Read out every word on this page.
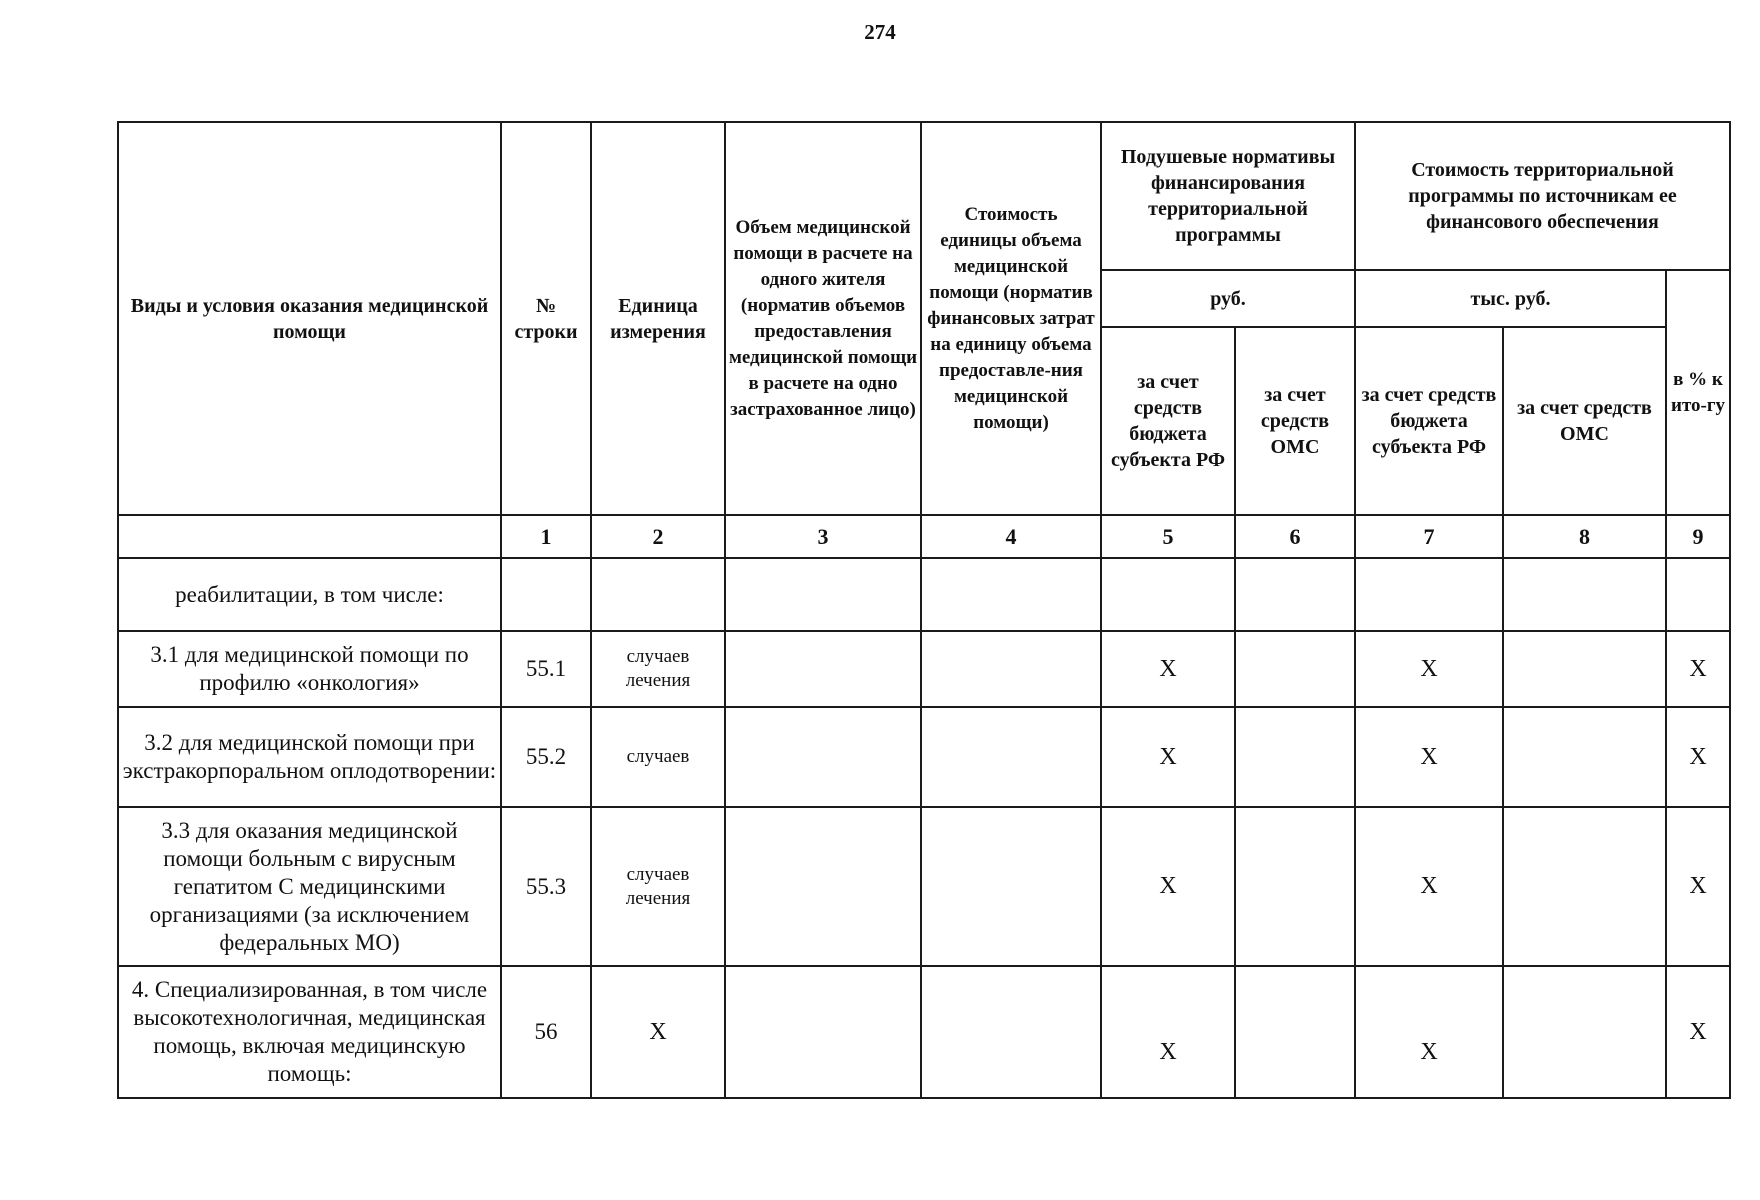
274
Виды и условия оказания медицинской помощи	№ строки	Единица измерения	Объем медицинской помощи в расчете на одного жителя (норматив объемов предоставления медицинской помощи в расчете на одно застрахованное лицо)	Стоимость единицы объема медицинской помощи (норматив финансовых затрат на единицу объема предоставле-ния медицинской помощи)	Подушевые нормативы финансирования территориальной программы		Стоимость территориальной программы по источникам ее финансового обеспечения		
					руб.		тыс. руб.		в % к ито-гу
					за счет средств бюджета субъекта РФ	за счет средств ОМС	за счет средств бюджета субъекта РФ	за счет средств ОМС	
	1	2	3	4	5	6	7	8	9
реабилитации, в том числе:									
3.1 для медицинской помощи по профилю «онкология»	55.1	случаев лечения			X		X		X
3.2 для медицинской помощи при экстракорпоральном оплодотворении:	55.2	случаев			X		X		X
3.3 для оказания медицинской помощи больным с вирусным гепатитом С медицинскими организациями (за исключением федеральных МО)	55.3	случаев лечения			X		X		X
4. Специализированная, в том числе высокотехнологичная, медицинская помощь, включая медицинскую помощь:	56	X			X		X		X
